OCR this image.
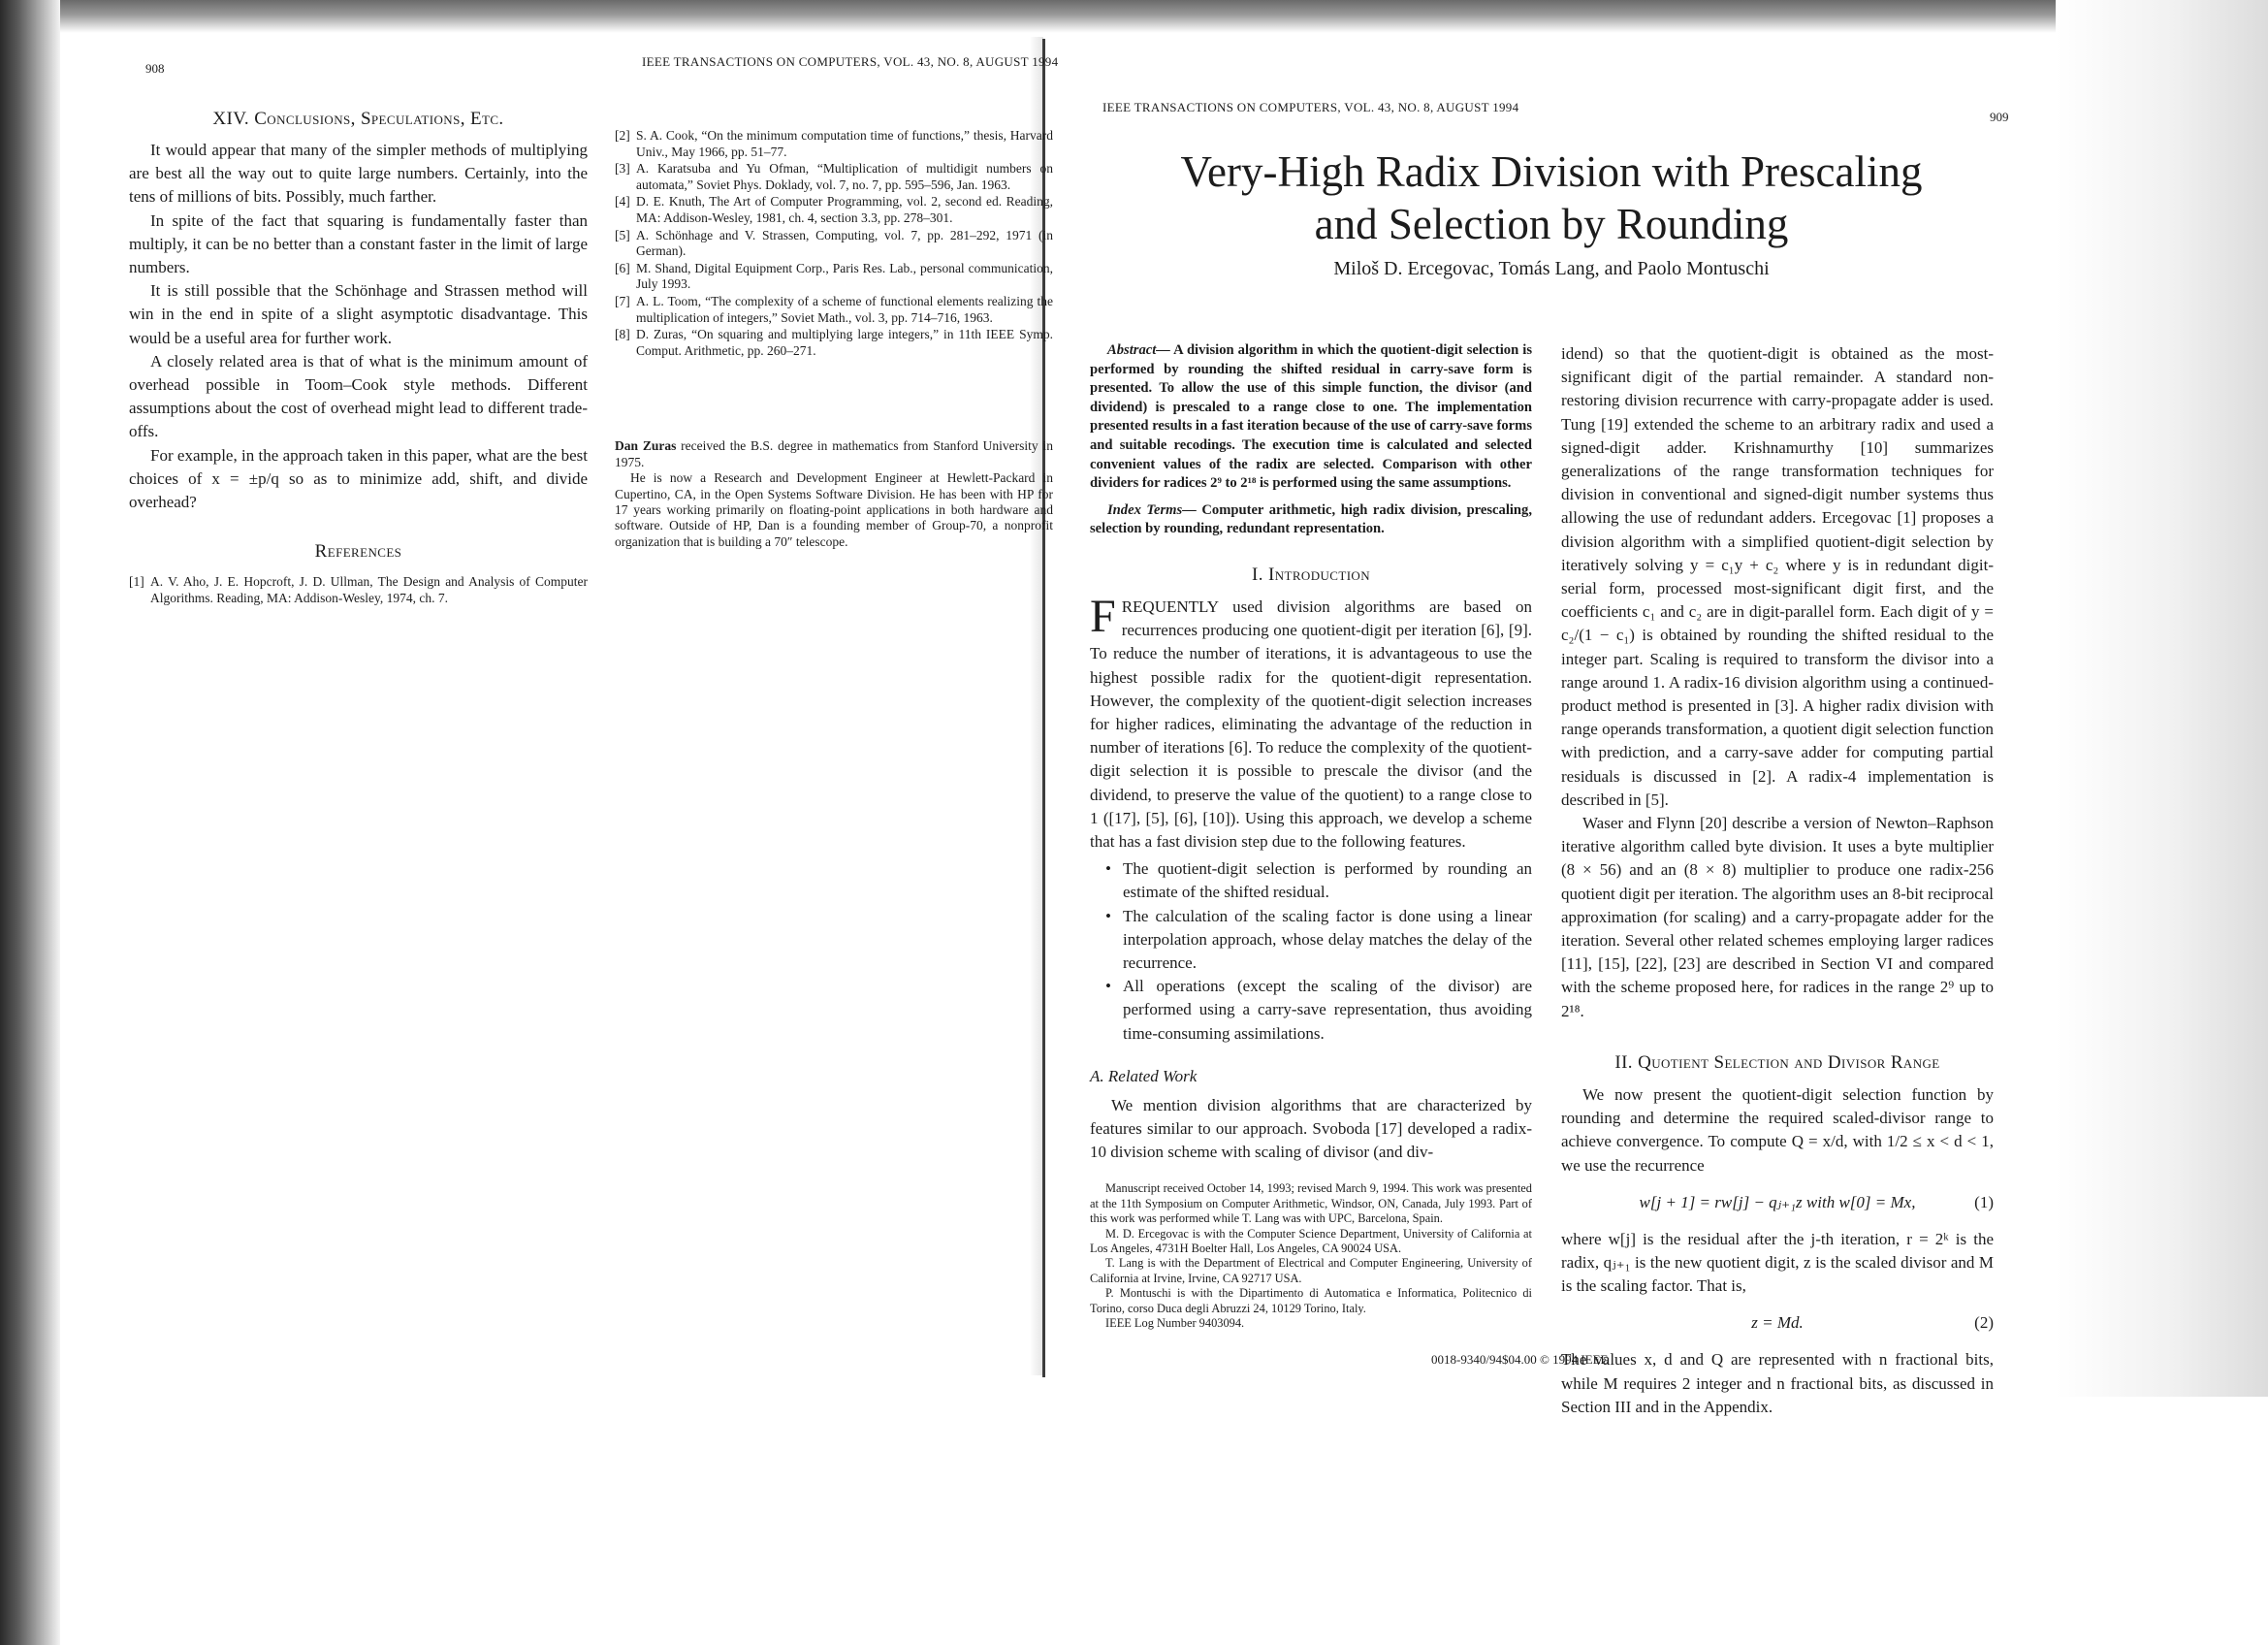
908	IEEE TRANSACTIONS ON COMPUTERS, VOL. 43, NO. 8, AUGUST 1994
XIV. Conclusions, Speculations, Etc.

It would appear that many of the simpler methods of multiplying are best all the way out to quite large numbers. Certainly, into the tens of millions of bits. Possibly, much farther.

In spite of the fact that squaring is fundamentally faster than multiply, it can be no better than a constant faster in the limit of large numbers.

It is still possible that the Schönhage and Strassen method will win in the end in spite of a slight asymptotic disadvantage. This would be a useful area for further work.

A closely related area is that of what is the minimum amount of overhead possible in Toom–Cook style methods. Different assumptions about the cost of overhead might lead to different trade-offs.

For example, in the approach taken in this paper, what are the best choices of x = ±p/q so as to minimize add, shift, and divide overhead?

References
[1] A. V. Aho, J. E. Hopcroft, J. D. Ullman, The Design and Analysis of Computer Algorithms. Reading, MA: Addison-Wesley, 1974, ch. 7.
[2] S. A. Cook, “On the minimum computation time of functions,” thesis, Harvard Univ., May 1966, pp. 51–77.
[3] A. Karatsuba and Yu Ofman, “Multiplication of multidigit numbers on automata,” Soviet Phys. Doklady, vol. 7, no. 7, pp. 595–596, Jan. 1963.
[4] D. E. Knuth, The Art of Computer Programming, vol. 2, second ed. Reading, MA: Addison-Wesley, 1981, ch. 4, section 3.3, pp. 278–301.
[5] A. Schönhage and V. Strassen, Computing, vol. 7, pp. 281–292, 1971 (in German).
[6] M. Shand, Digital Equipment Corp., Paris Res. Lab., personal communication, July 1993.
[7] A. L. Toom, “The complexity of a scheme of functional elements realizing the multiplication of integers,” Soviet Math., vol. 3, pp. 714–716, 1963.
[8] D. Zuras, “On squaring and multiplying large integers,” in 11th IEEE Symp. Comput. Arithmetic, pp. 260–271.

Dan Zuras received the B.S. degree in mathematics from Stanford University in 1975.

He is now a Research and Development Engineer at Hewlett-Packard in Cupertino, CA, in the Open Systems Software Division. He has been with HP for 17 years working primarily on floating-point applications in both hardware and software. Outside of HP, Dan is a founding member of Group-70, a nonprofit organization that is building a 70″ telescope.

IEEE TRANSACTIONS ON COMPUTERS, VOL. 43, NO. 8, AUGUST 1994
909
Very-High Radix Division with Prescaling
and Selection by Rounding
Miloš D. Ercegovac, Tomás Lang, and Paolo Montuschi

Abstract— A division algorithm in which the quotient-digit selection is performed by rounding the shifted residual in carry-save form is presented. To allow the use of this simple function, the divisor (and dividend) is prescaled to a range close to one. The implementation presented results in a fast iteration because of the use of carry-save forms and suitable recodings. The execution time is calculated and selected convenient values of the radix are selected. Comparison with other dividers for radices 2⁹ to 2¹⁸ is performed using the same assumptions.

Index Terms— Computer arithmetic, high radix division, prescaling, selection by rounding, redundant representation.

I. Introduction

FREQUENTLY used division algorithms are based on recurrences producing one quotient-digit per iteration [6], [9]. To reduce the number of iterations, it is advantageous to use the highest possible radix for the quotient-digit representation. However, the complexity of the quotient-digit selection increases for higher radices, eliminating the advantage of the reduction in number of iterations [6]. To reduce the complexity of the quotient-digit selection it is possible to prescale the divisor (and the dividend, to preserve the value of the quotient) to a range close to 1 ([17], [5], [6], [10]). Using this approach, we develop a scheme that has a fast division step due to the following features.

• The quotient-digit selection is performed by rounding an estimate of the shifted residual.
• The calculation of the scaling factor is done using a linear interpolation approach, whose delay matches the delay of the recurrence.
• All operations (except the scaling of the divisor) are performed using a carry-save representation, thus avoiding time-consuming assimilations.
A. Related Work

We mention division algorithms that are characterized by features similar to our approach. Svoboda [17] developed a radix-10 division scheme with scaling of divisor (and div-

Manuscript received October 14, 1993; revised March 9, 1994. This work was presented at the 11th Symposium on Computer Arithmetic, Windsor, ON, Canada, July 1993. Part of this work was performed while T. Lang was with UPC, Barcelona, Spain.

M. D. Ercegovac is with the Computer Science Department, University of California at Los Angeles, 4731H Boelter Hall, Los Angeles, CA 90024 USA.

T. Lang is with the Department of Electrical and Computer Engineering, University of California at Irvine, Irvine, CA 92717 USA.

P. Montuschi is with the Dipartimento di Automatica e Informatica, Politecnico di Torino, corso Duca degli Abruzzi 24, 10129 Torino, Italy.

IEEE Log Number 9403094.

idend) so that the quotient-digit is obtained as the most-significant digit of the partial remainder. A standard non-restoring division recurrence with carry-propagate adder is used. Tung [19] extended the scheme to an arbitrary radix and used a signed-digit adder. Krishnamurthy [10] summarizes generalizations of the range transformation techniques for division in conventional and signed-digit number systems thus allowing the use of redundant adders. Ercegovac [1] proposes a division algorithm with a simplified quotient-digit selection by iteratively solving y = c₁y + c₂ where y is in redundant digit-serial form, processed most-significant digit first, and the coefficients c₁ and c₂ are in digit-parallel form. Each digit of y = c₂/(1 − c₁) is obtained by rounding the shifted residual to the integer part. Scaling is required to transform the divisor into a range around 1. A radix-16 division algorithm using a continued-product method is presented in [3]. A higher radix division with range operands transformation, a quotient digit selection function with prediction, and a carry-save adder for computing partial residuals is discussed in [2]. A radix-4 implementation is described in [5].

Waser and Flynn [20] describe a version of Newton–Raphson iterative algorithm called byte division. It uses a byte multiplier (8 × 56) and an (8 × 8) multiplier to produce one radix-256 quotient digit per iteration. The algorithm uses an 8-bit reciprocal approximation (for scaling) and a carry-propagate adder for the iteration. Several other related schemes employing larger radices [11], [15], [22], [23] are described in Section VI and compared with the scheme proposed here, for radices in the range 2⁹ up to 2¹⁸.

II. Quotient Selection and Divisor Range

We now present the quotient-digit selection function by rounding and determine the required scaled-divisor range to achieve convergence. To compute Q = x/d, with 1/2 ≤ x < d < 1, we use the recurrence

w[j + 1] = rw[j] − qⱼ₊₁z with w[0] = Mx,	(1)

where w[j] is the residual after the j-th iteration, r = 2ᵏ is the radix, qⱼ₊₁ is the new quotient digit, z is the scaled divisor and M is the scaling factor. That is,

z = Md.	(2)

The values x, d and Q are represented with n fractional bits, while M requires 2 integer and n fractional bits, as discussed in Section III and in the Appendix.

0018-9340/94$04.00 © 1994 IEEE
